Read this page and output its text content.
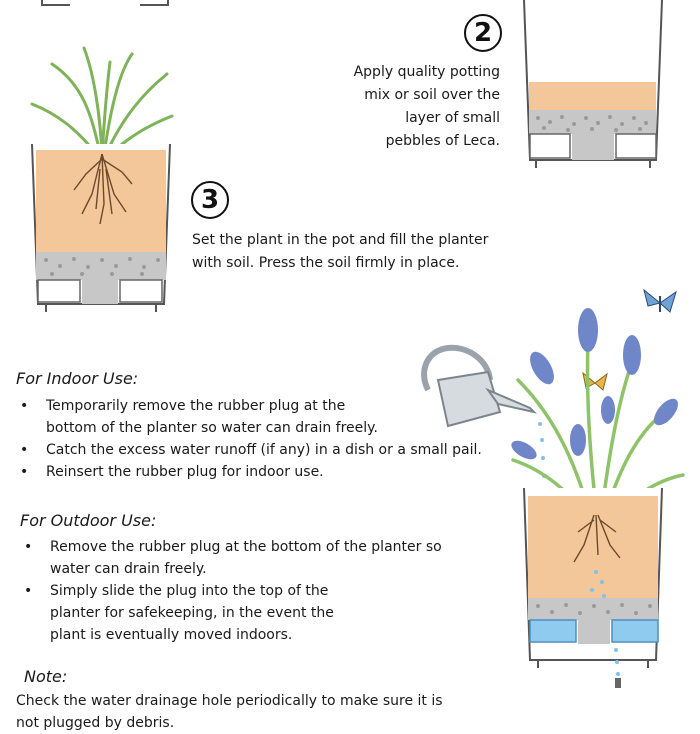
2
Apply quality potting
mix or soil over the
layer of small
pebbles of Leca.
3
Set the plant in the pot and fill the planter
with soil. Press the soil firmly in place.
For Indoor Use:
• Temporarily remove the rubber plug at the
bottom of the planter so water can drain freely.
• Catch the excess water runoff (if any) in a dish or a small pail.
• Reinsert the rubber plug for indoor use.
For Outdoor Use:
• Remove the rubber plug at the bottom of the planter so
water can drain freely.
• Simply slide the plug into the top of the
planter for safekeeping, in the event the
plant is eventually moved indoors.
Note:
Check the water drainage hole periodically to make sure it is
not plugged by debris.
